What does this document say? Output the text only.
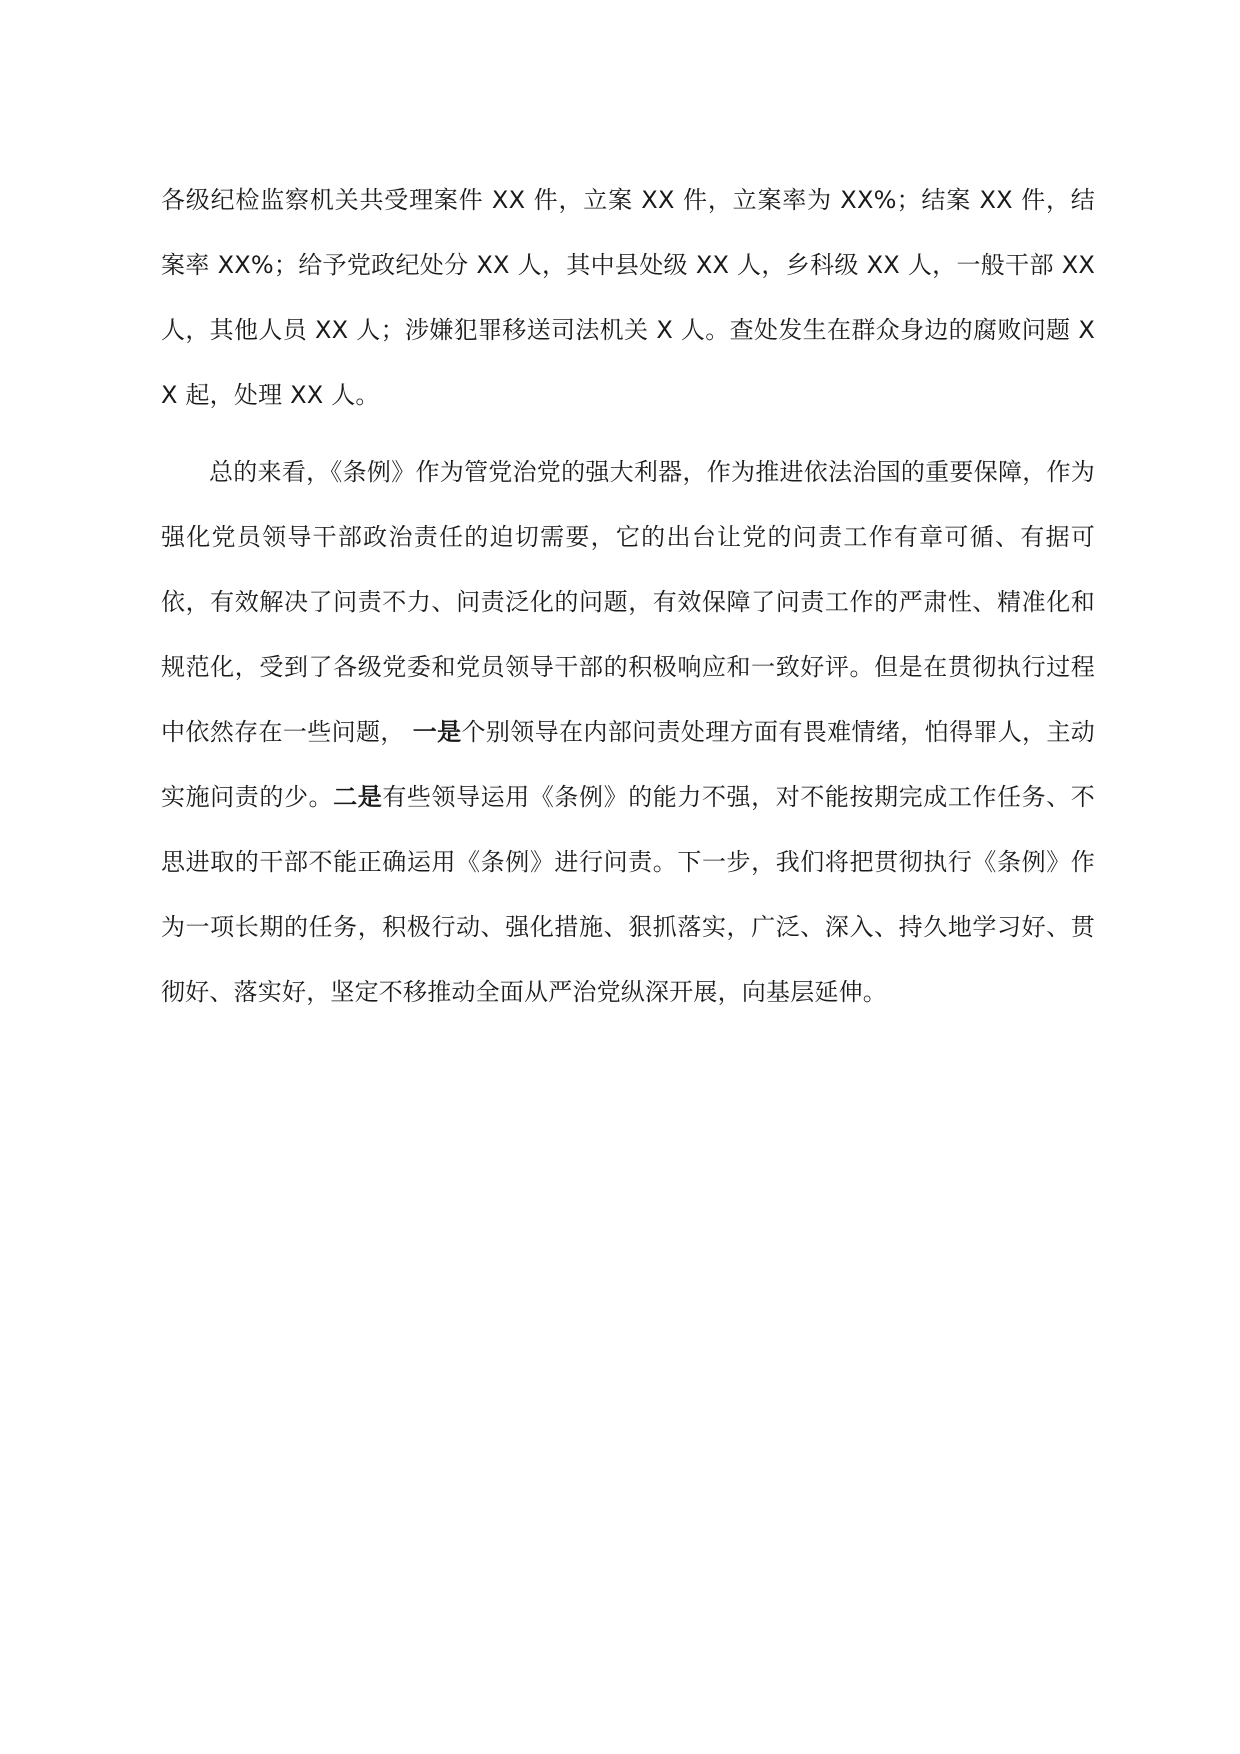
各级纪检监察机关共受理案件 XX 件，立案 XX 件，立案率为 XX%；结案 XX 件，结案率 XX%；给予党政纪处分 XX 人，其中县处级 XX 人，乡科级 XX 人，一般干部 XX 人，其他人员 XX 人；涉嫌犯罪移送司法机关 X 人。查处发生在群众身边的腐败问题 XX 起，处理 XX 人。

总的来看，《条例》作为管党治党的强大利器，作为推进依法治国的重要保障，作为强化党员领导干部政治责任的迫切需要，它的出台让党的问责工作有章可循、有据可依，有效解决了问责不力、问责泛化的问题，有效保障了问责工作的严肃性、精准化和规范化，受到了各级党委和党员领导干部的积极响应和一致好评。但是在贯彻执行过程中依然存在一些问题， 一是个别领导在内部问责处理方面有畏难情绪，怕得罪人，主动实施问责的少。二是有些领导运用《条例》的能力不强，对不能按期完成工作任务、不思进取的干部不能正确运用《条例》进行问责。下一步，我们将把贯彻执行《条例》作为一项长期的任务，积极行动、强化措施、狠抓落实，广泛、深入、持久地学习好、贯彻好、落实好，坚定不移推动全面从严治党纵深开展，向基层延伸。
